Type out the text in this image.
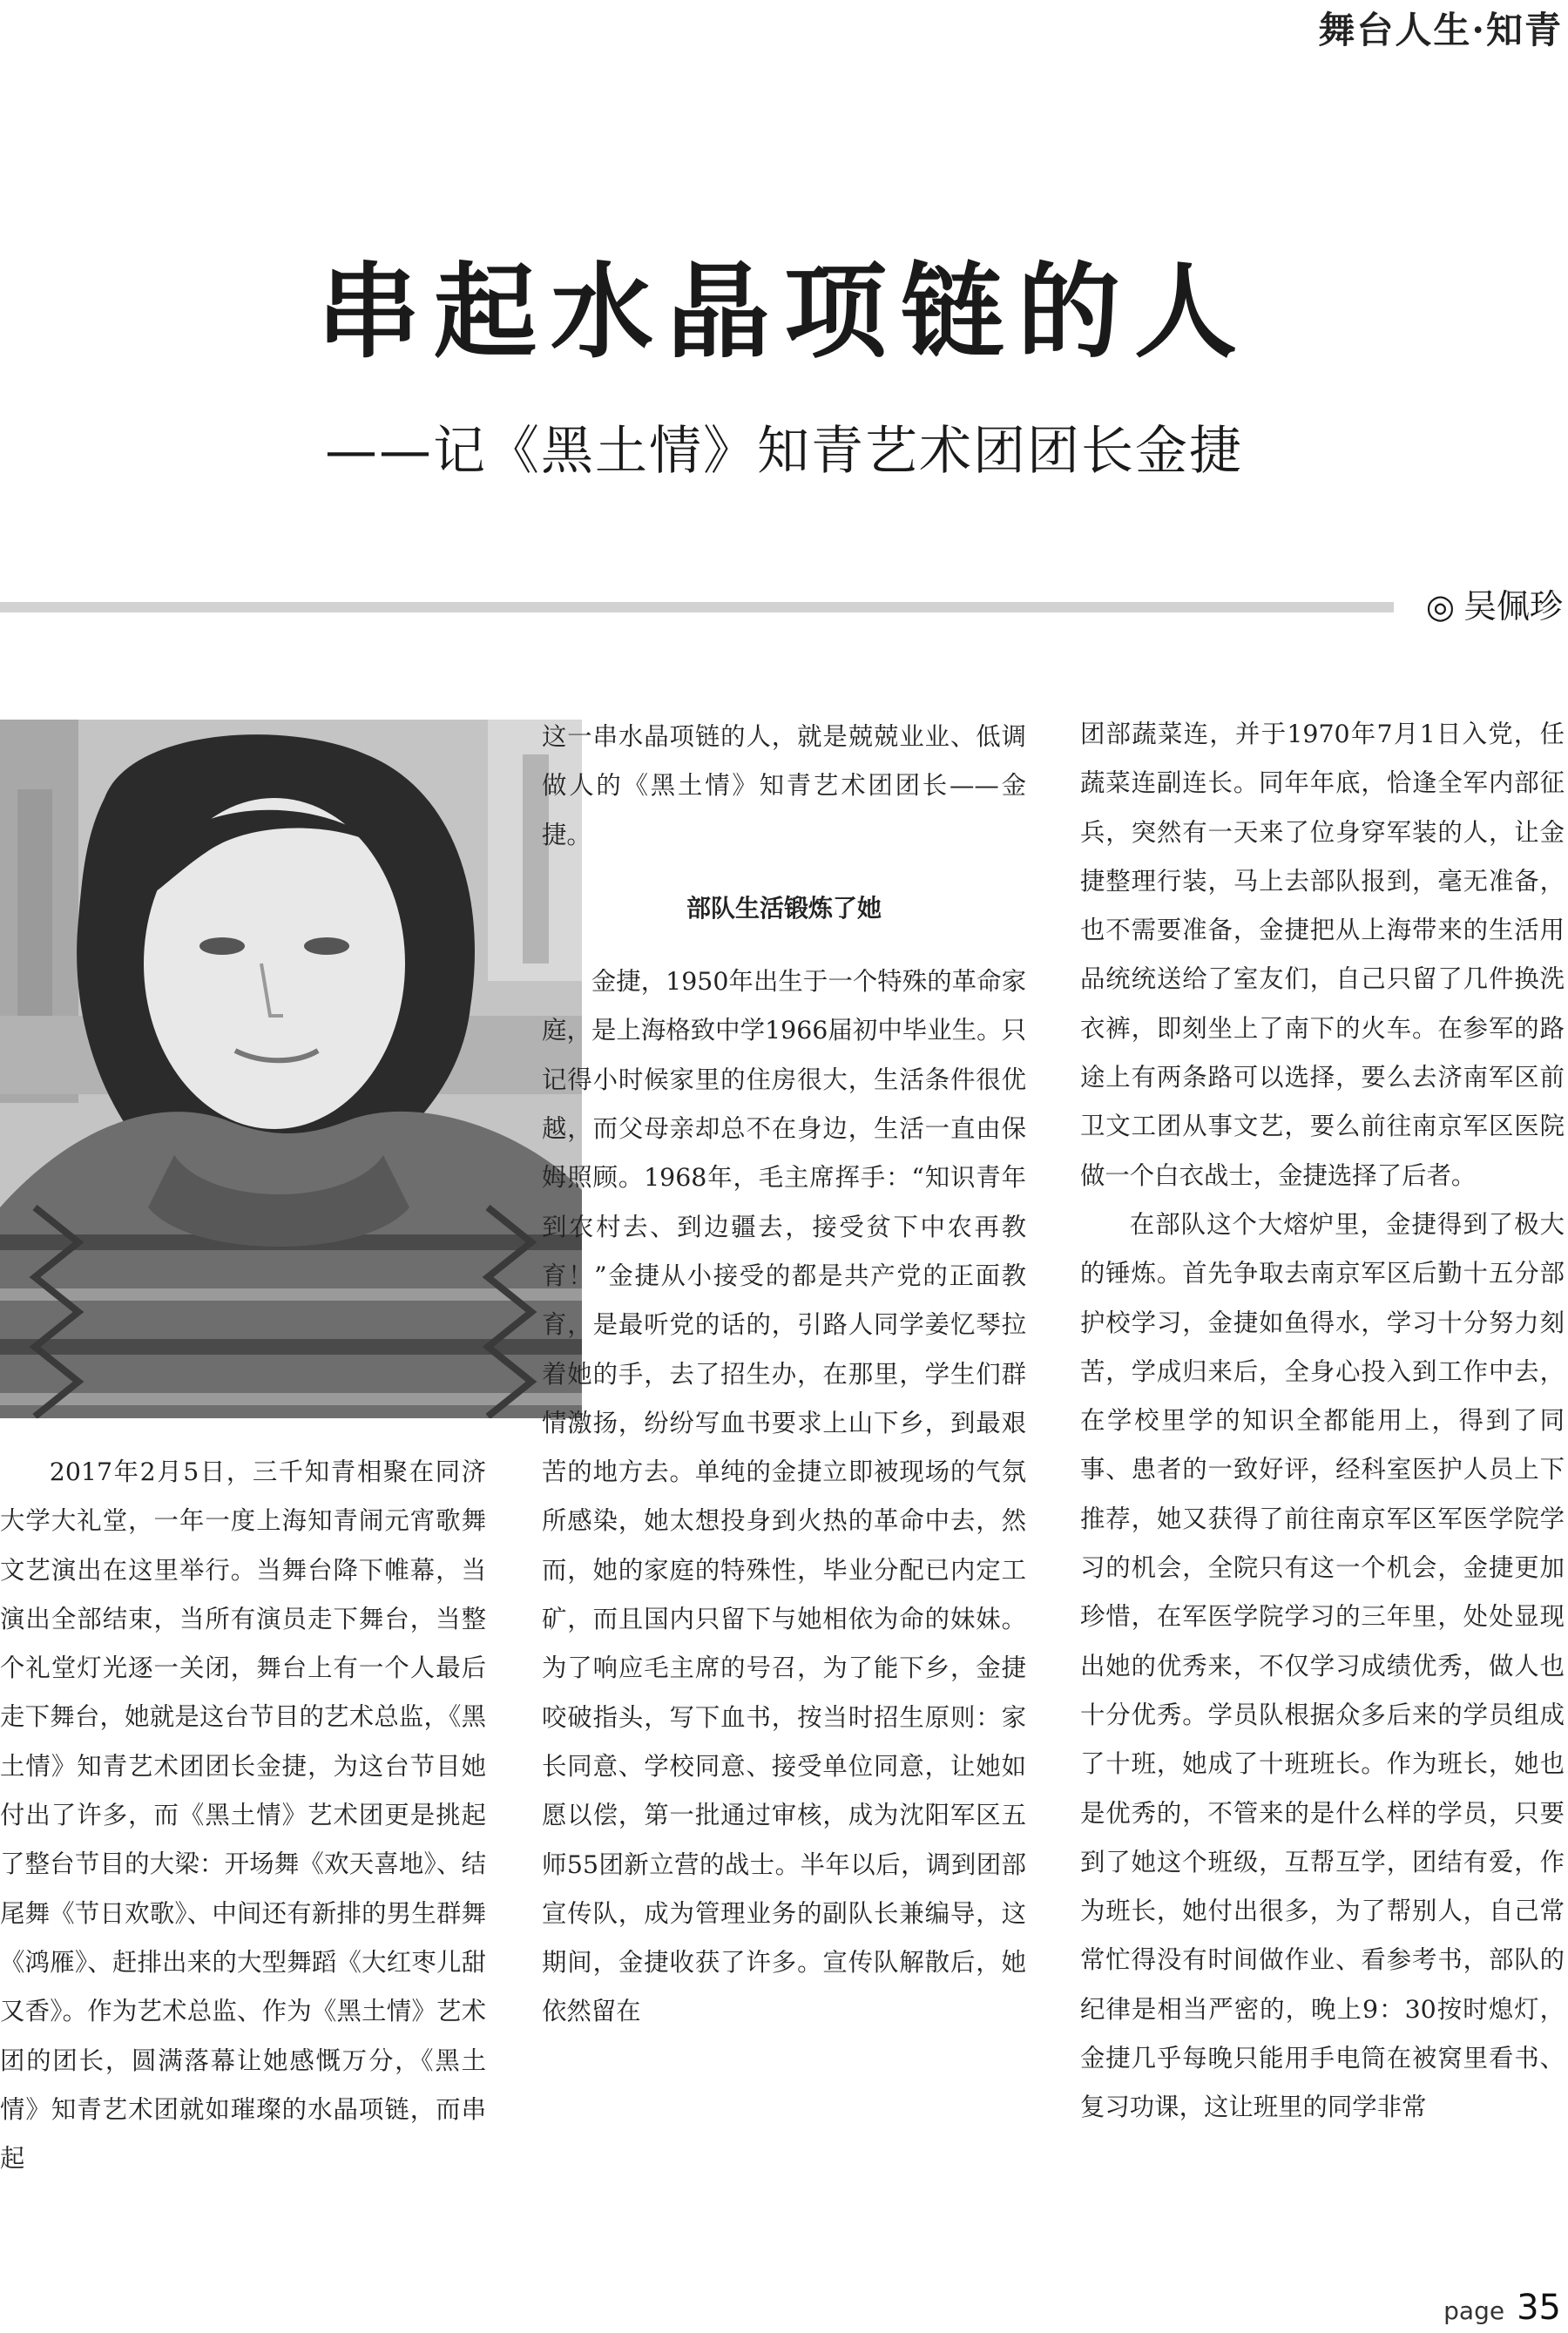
舞台人生·知青
串起水晶项链的人
——记《黑土情》知青艺术团团长金捷
◎ 吴佩珍

2017年2月5日，三千知青相聚在同济大学大礼堂，一年一度上海知青闹元宵歌舞文艺演出在这里举行。当舞台降下帷幕，当演出全部结束，当所有演员走下舞台，当整个礼堂灯光逐一关闭，舞台上有一个人最后走下舞台，她就是这台节目的艺术总监，《黑土情》知青艺术团团长金捷，为这台节目她付出了许多，而《黑土情》艺术团更是挑起了整台节目的大梁：开场舞《欢天喜地》、结尾舞《节日欢歌》、中间还有新排的男生群舞《鸿雁》、赶排出来的大型舞蹈《大红枣儿甜又香》。作为艺术总监、作为《黑土情》艺术团的团长，圆满落幕让她感慨万分，《黑土情》知青艺术团就如璀璨的水晶项链，而串起

这一串水晶项链的人，就是兢兢业业、低调做人的《黑土情》知青艺术团团长——金捷。

部队生活锻炼了她

金捷，1950年出生于一个特殊的革命家庭，是上海格致中学1966届初中毕业生。只记得小时候家里的住房很大，生活条件很优越，而父母亲却总不在身边，生活一直由保姆照顾。1968年，毛主席挥手：“知识青年到农村去、到边疆去，接受贫下中农再教育！”金捷从小接受的都是共产党的正面教育，是最听党的话的，引路人同学姜忆琴拉着她的手，去了招生办，在那里，学生们群情激扬，纷纷写血书要求上山下乡，到最艰苦的地方去。单纯的金捷立即被现场的气氛所感染，她太想投身到火热的革命中去，然而，她的家庭的特殊性，毕业分配已内定工矿，而且国内只留下与她相依为命的妹妹。为了响应毛主席的号召，为了能下乡，金捷咬破指头，写下血书，按当时招生原则：家长同意、学校同意、接受单位同意，让她如愿以偿，第一批通过审核，成为沈阳军区五师55团新立营的战士。半年以后，调到团部宣传队，成为管理业务的副队长兼编导，这期间，金捷收获了许多。宣传队解散后，她依然留在

团部蔬菜连，并于1970年7月1日入党，任蔬菜连副连长。同年年底，恰逢全军内部征兵，突然有一天来了位身穿军装的人，让金捷整理行装，马上去部队报到，毫无准备，也不需要准备，金捷把从上海带来的生活用品统统送给了室友们，自己只留了几件换洗衣裤，即刻坐上了南下的火车。在参军的路途上有两条路可以选择，要么去济南军区前卫文工团从事文艺，要么前往南京军区医院做一个白衣战士，金捷选择了后者。

在部队这个大熔炉里，金捷得到了极大的锤炼。首先争取去南京军区后勤十五分部护校学习，金捷如鱼得水，学习十分努力刻苦，学成归来后，全身心投入到工作中去，在学校里学的知识全都能用上，得到了同事、患者的一致好评，经科室医护人员上下推荐，她又获得了前往南京军区军医学院学习的机会，全院只有这一个机会，金捷更加珍惜，在军医学院学习的三年里，处处显现出她的优秀来，不仅学习成绩优秀，做人也十分优秀。学员队根据众多后来的学员组成了十班，她成了十班班长。作为班长，她也是优秀的，不管来的是什么样的学员，只要到了她这个班级，互帮互学，团结有爱，作为班长，她付出很多，为了帮别人，自己常常忙得没有时间做作业、看参考书，部队的纪律是相当严密的，晚上9：30按时熄灯，金捷几乎每晚只能用手电筒在被窝里看书、复习功课，这让班里的同学非常

page 35
